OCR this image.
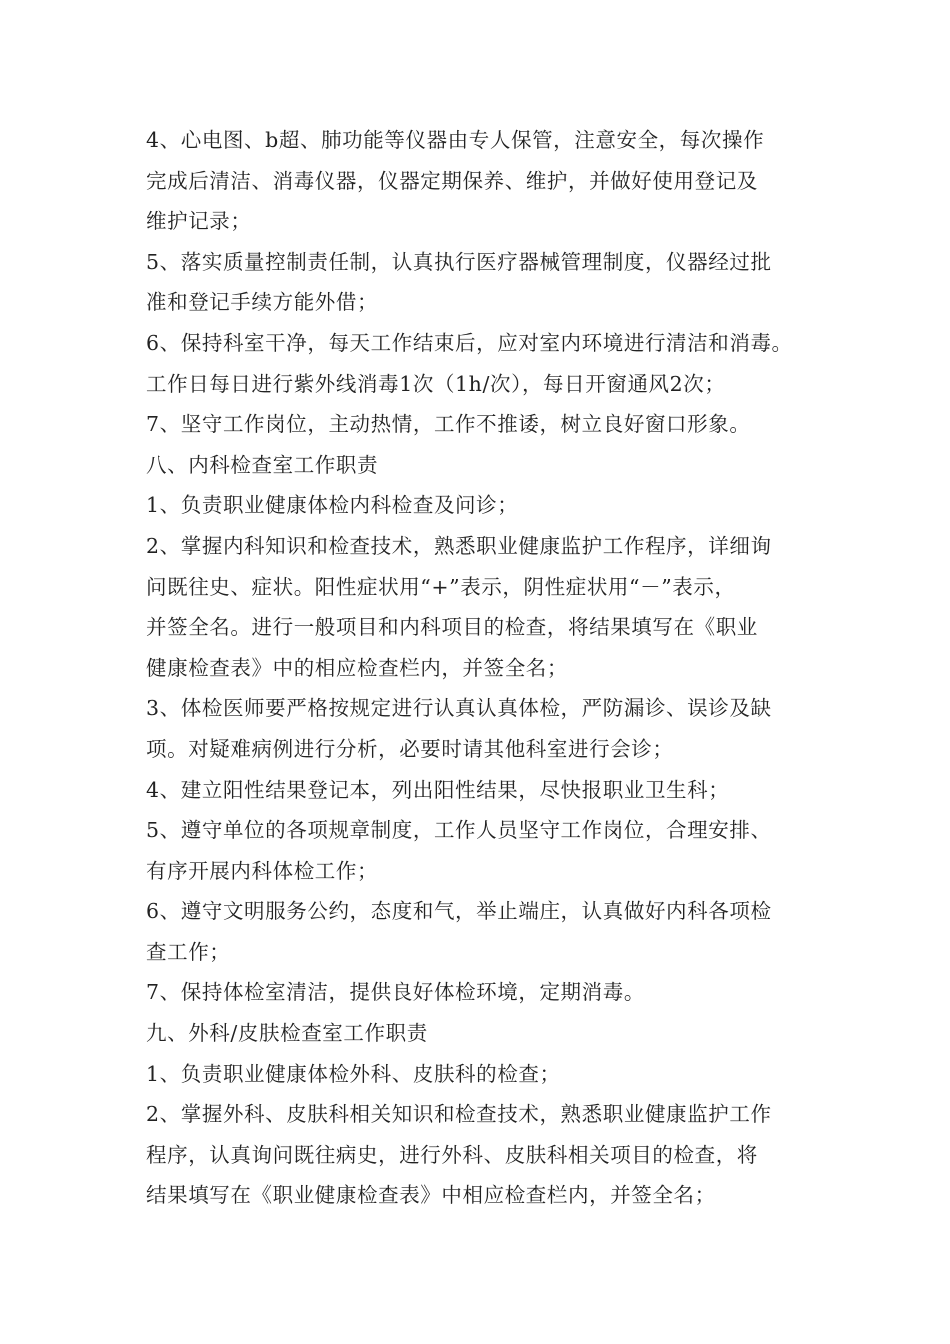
4、心电图、b超、肺功能等仪器由专人保管，注意安全，每次操作
完成后清洁、消毒仪器，仪器定期保养、维护，并做好使用登记及
维护记录；
5、落实质量控制责任制，认真执行医疗器械管理制度，仪器经过批
准和登记手续方能外借；
6、保持科室干净，每天工作结束后，应对室内环境进行清洁和消毒。
工作日每日进行紫外线消毒1次（1h/次），每日开窗通风2次；
7、坚守工作岗位，主动热情，工作不推诿，树立良好窗口形象。
八、内科检查室工作职责
1、负责职业健康体检内科检查及问诊；
2、掌握内科知识和检查技术，熟悉职业健康监护工作程序，详细询
问既往史、症状。阳性症状用“+”表示，阴性症状用“－”表示，
并签全名。进行一般项目和内科项目的检查，将结果填写在《职业
健康检查表》中的相应检查栏内，并签全名；
3、体检医师要严格按规定进行认真认真体检，严防漏诊、误诊及缺
项。对疑难病例进行分析，必要时请其他科室进行会诊；
4、建立阳性结果登记本，列出阳性结果，尽快报职业卫生科；
5、遵守单位的各项规章制度，工作人员坚守工作岗位，合理安排、
有序开展内科体检工作；
6、遵守文明服务公约，态度和气，举止端庄，认真做好内科各项检
查工作；
7、保持体检室清洁，提供良好体检环境，定期消毒。
九、外科/皮肤检查室工作职责
1、负责职业健康体检外科、皮肤科的检查；
2、掌握外科、皮肤科相关知识和检查技术，熟悉职业健康监护工作
程序，认真询问既往病史，进行外科、皮肤科相关项目的检查，将
结果填写在《职业健康检查表》中相应检查栏内，并签全名；
